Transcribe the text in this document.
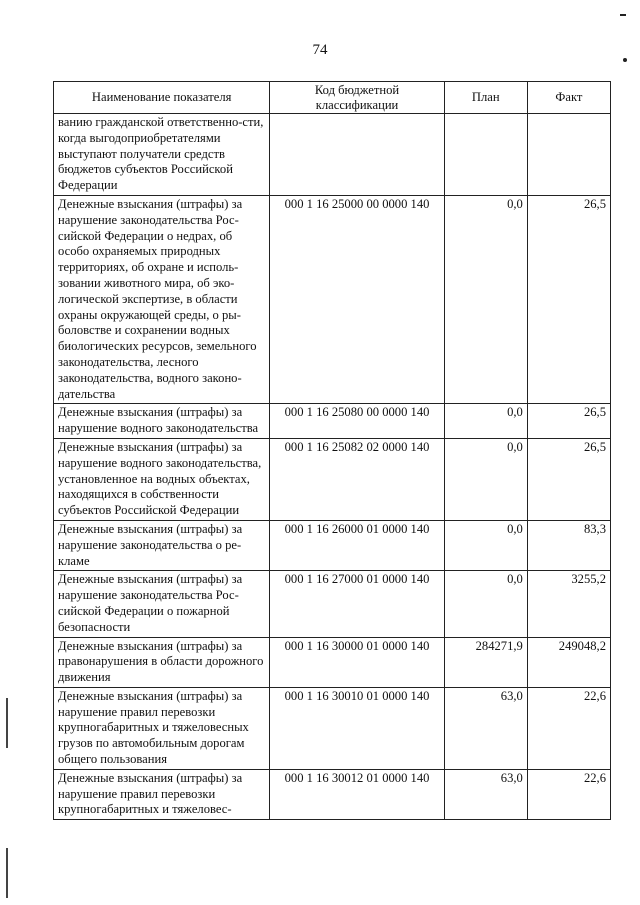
74
Наименование показателя	Код бюджетной классификации	План	Факт
ванию гражданской ответственно-сти, когда выгодоприобретателями выступают получатели средств бюджетов субъектов Российской Федерации			
Денежные взыскания (штрафы) за нарушение законодательства Российской Федерации о недрах, об особо охраняемых природных территориях, об охране и использовании животного мира, об экологической экспертизе, в области охраны окружающей среды, о рыболовстве и сохранении водных биологических ресурсов, земельного законодательства, лесного законодательства, водного законодательства	000 1 16 25000 00 0000 140	0,0	26,5
Денежные взыскания (штрафы) за нарушение водного законодательства	000 1 16 25080 00 0000 140	0,0	26,5
Денежные взыскания (штрафы) за нарушение водного законодательства, установленное на водных объектах, находящихся в собственности субъектов Российской Федерации	000 1 16 25082 02 0000 140	0,0	26,5
Денежные взыскания (штрафы) за нарушение законодательства о рекламе	000 1 16 26000 01 0000 140	0,0	83,3
Денежные взыскания (штрафы) за нарушение законодательства Российской Федерации о пожарной безопасности	000 1 16 27000 01 0000 140	0,0	3255,2
Денежные взыскания (штрафы) за правонарушения в области дорожного движения	000 1 16 30000 01 0000 140	284271,9	249048,2
Денежные взыскания (штрафы) за нарушение правил перевозки крупногабаритных и тяжеловесных грузов по автомобильным дорогам общего пользования	000 1 16 30010 01 0000 140	63,0	22,6
Денежные взыскания (штрафы) за нарушение правил перевозки крупногабаритных и тяжеловес-	000 1 16 30012 01 0000 140	63,0	22,6
